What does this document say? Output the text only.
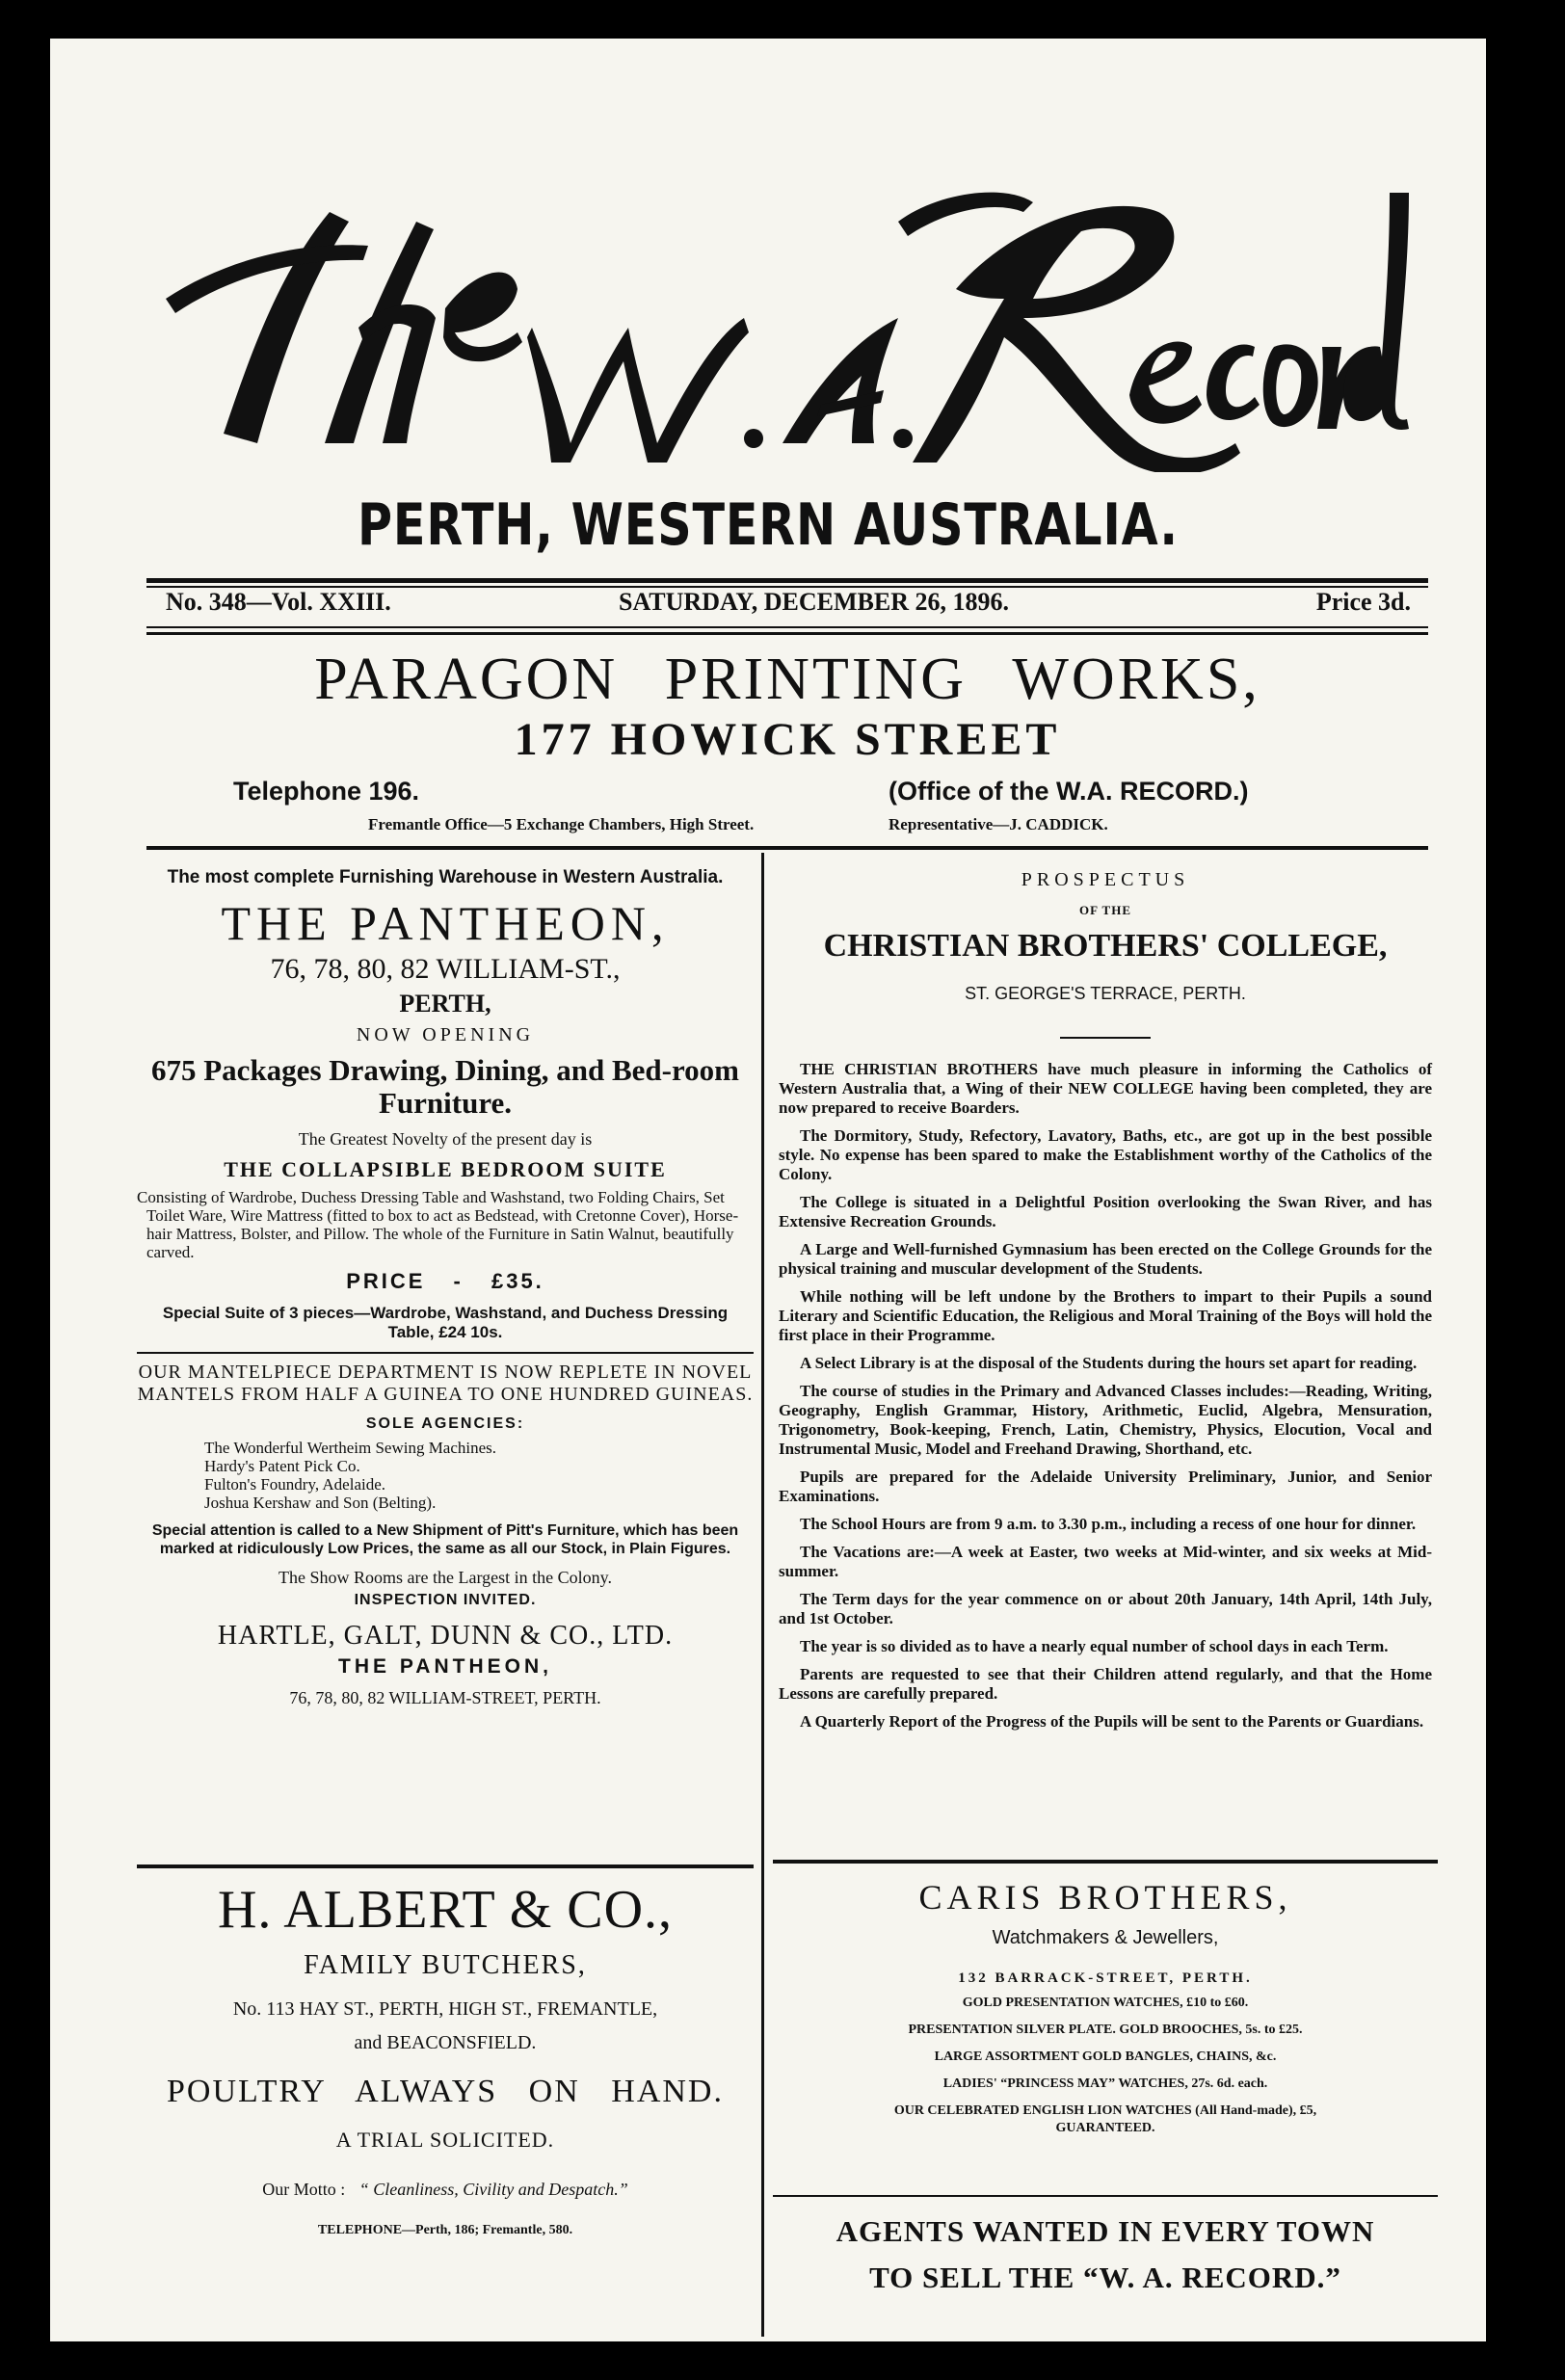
PERTH, WESTERN AUSTRALIA.
No. 348—Vol. XXIII.	SATURDAY, DECEMBER 26, 1896.	Price 3d.
PARAGON PRINTING WORKS,
177 HOWICK STREET
Telephone 196.	(Office of the W.A. RECORD.)
Fremantle Office—5 Exchange Chambers, High Street.	Representative—J. CADDICK.
The most complete Furnishing Warehouse in Western Australia.
THE PANTHEON,
76, 78, 80, 82 WILLIAM-ST.,
PERTH,
NOW OPENING
675 Packages Drawing, Dining, and Bed-room Furniture.
The Greatest Novelty of the present day is
THE COLLAPSIBLE BEDROOM SUITE
Consisting of Wardrobe, Duchess Dressing Table and Washstand, two Folding Chairs, Set Toilet Ware, Wire Mattress (fitted to box to act as Bedstead, with Cretonne Cover), Horse-hair Mattress, Bolster, and Pillow. The whole of the Furniture in Satin Walnut, beautifully carved.
PRICE - £35.
Special Suite of 3 pieces—Wardrobe, Washstand, and Duchess Dressing Table, £24 10s.
OUR MANTELPIECE DEPARTMENT IS NOW REPLETE IN NOVEL MANTELS FROM HALF A GUINEA TO ONE HUNDRED GUINEAS.
SOLE AGENCIES:
The Wonderful Wertheim Sewing Machines.
Hardy's Patent Pick Co.
Fulton's Foundry, Adelaide.
Joshua Kershaw and Son (Belting).
Special attention is called to a New Shipment of Pitt's Furniture, which has been marked at ridiculously Low Prices, the same as all our Stock, in Plain Figures.
The Show Rooms are the Largest in the Colony.
INSPECTION INVITED.
HARTLE, GALT, DUNN & CO., LTD.
THE PANTHEON,
76, 78, 80, 82 WILLIAM-STREET, PERTH.
H. ALBERT & CO.,
FAMILY BUTCHERS,
No. 113 HAY ST., PERTH, HIGH ST., FREMANTLE,
and BEACONSFIELD.
POULTRY ALWAYS ON HAND.
A TRIAL SOLICITED.
Our Motto : “ Cleanliness, Civility and Despatch.”
TELEPHONE—Perth, 186; Fremantle, 580.
PROSPECTUS
OF THE
CHRISTIAN BROTHERS' COLLEGE,
ST. GEORGE'S TERRACE, PERTH.

THE CHRISTIAN BROTHERS have much pleasure in informing the Catholics of Western Australia that, a Wing of their NEW COLLEGE having been completed, they are now prepared to receive Boarders.

The Dormitory, Study, Refectory, Lavatory, Baths, etc., are got up in the best possible style. No expense has been spared to make the Establishment worthy of the Catholics of the Colony.

The College is situated in a Delightful Position overlooking the Swan River, and has Extensive Recreation Grounds.

A Large and Well-furnished Gymnasium has been erected on the College Grounds for the physical training and muscular development of the Students.

While nothing will be left undone by the Brothers to impart to their Pupils a sound Literary and Scientific Education, the Religious and Moral Training of the Boys will hold the first place in their Programme.

A Select Library is at the disposal of the Students during the hours set apart for reading.

The course of studies in the Primary and Advanced Classes includes:—Reading, Writing, Geography, English Grammar, History, Arithmetic, Euclid, Algebra, Mensuration, Trigonometry, Book-keeping, French, Latin, Chemistry, Physics, Elocution, Vocal and Instrumental Music, Model and Freehand Drawing, Shorthand, etc.

Pupils are prepared for the Adelaide University Preliminary, Junior, and Senior Examinations.

The School Hours are from 9 a.m. to 3.30 p.m., including a recess of one hour for dinner.

The Vacations are:—A week at Easter, two weeks at Mid-winter, and six weeks at Mid-summer.

The Term days for the year commence on or about 20th January, 14th April, 14th July, and 1st October.

The year is so divided as to have a nearly equal number of school days in each Term.

Parents are requested to see that their Children attend regularly, and that the Home Lessons are carefully prepared.

A Quarterly Report of the Progress of the Pupils will be sent to the Parents or Guardians.

CARIS BROTHERS,
Watchmakers & Jewellers,
132 BARRACK-STREET, PERTH.
GOLD PRESENTATION WATCHES, £10 to £60.
PRESENTATION SILVER PLATE. GOLD BROOCHES, 5s. to £25.
LARGE ASSORTMENT GOLD BANGLES, CHAINS, &c.
LADIES' “PRINCESS MAY” WATCHES, 27s. 6d. each.
OUR CELEBRATED ENGLISH LION WATCHES (All Hand-made), £5,
GUARANTEED.
AGENTS WANTED IN EVERY TOWN
TO SELL THE “W. A. RECORD.”
